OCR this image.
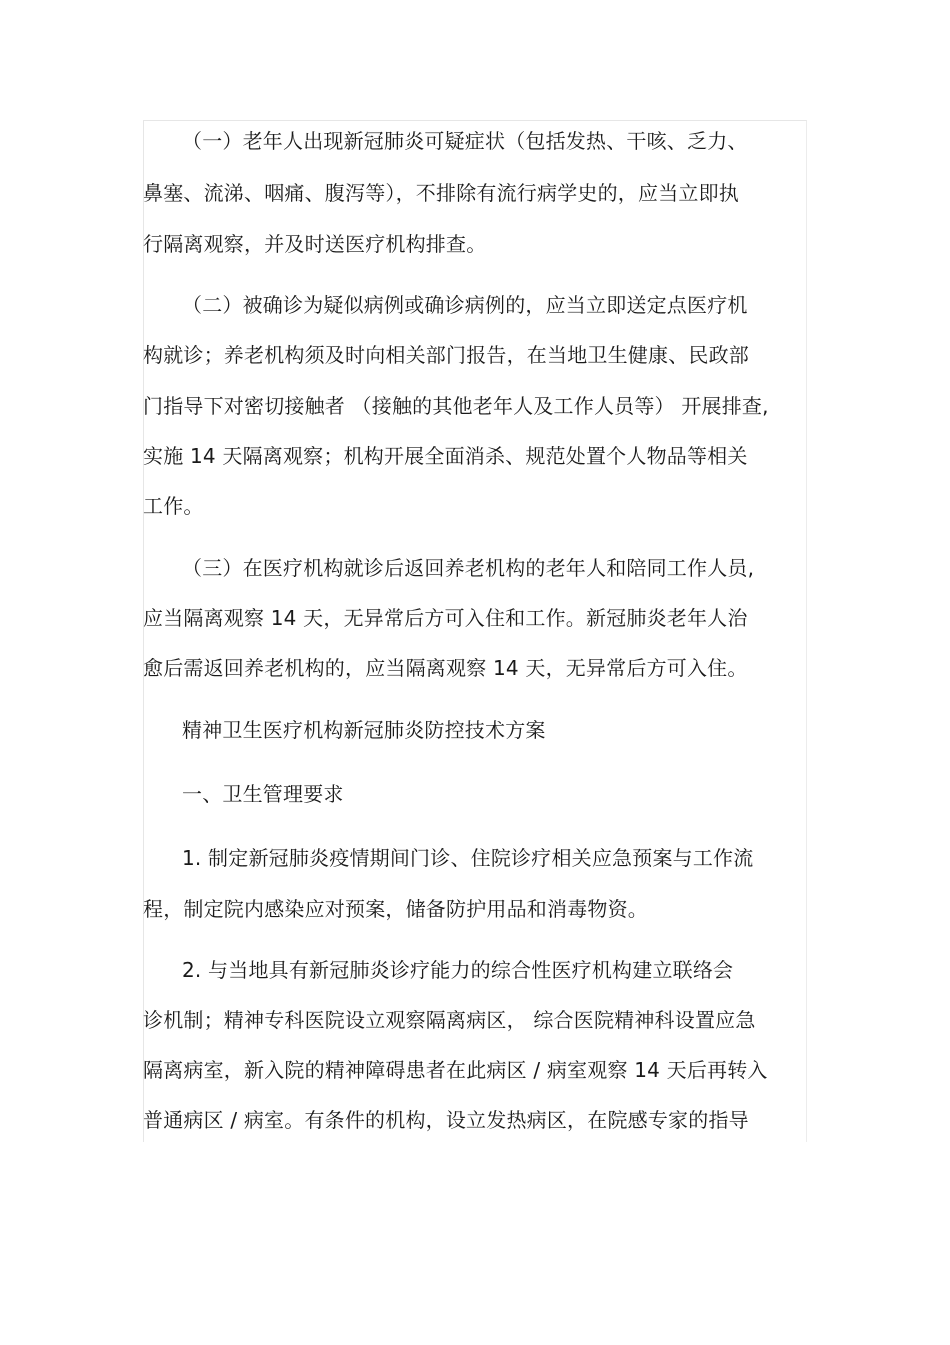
（一）老年人出现新冠肺炎可疑症状（包括发热、干咳、乏力、
鼻塞、流涕、咽痛、腹泻等），不排除有流行病学史的，应当立即执
行隔离观察，并及时送医疗机构排查。
（二）被确诊为疑似病例或确诊病例的，应当立即送定点医疗机
构就诊；养老机构须及时向相关部门报告，在当地卫生健康、民政部
门指导下对密切接触者 （接触的其他老年人及工作人员等） 开展排查,
实施 14 天隔离观察；机构开展全面消杀、规范处置个人物品等相关
工作。
（三）在医疗机构就诊后返回养老机构的老年人和陪同工作人员,
应当隔离观察 14 天，无异常后方可入住和工作。新冠肺炎老年人治
愈后需返回养老机构的，应当隔离观察 14 天，无异常后方可入住。
精神卫生医疗机构新冠肺炎防控技术方案
一、卫生管理要求
1. 制定新冠肺炎疫情期间门诊、住院诊疗相关应急预案与工作流
程，制定院内感染应对预案，储备防护用品和消毒物资。
2. 与当地具有新冠肺炎诊疗能力的综合性医疗机构建立联络会
诊机制；精神专科医院设立观察隔离病区， 综合医院精神科设置应急
隔离病室，新入院的精神障碍患者在此病区 / 病室观察 14 天后再转入
普通病区 / 病室。有条件的机构，设立发热病区，在院感专家的指导
